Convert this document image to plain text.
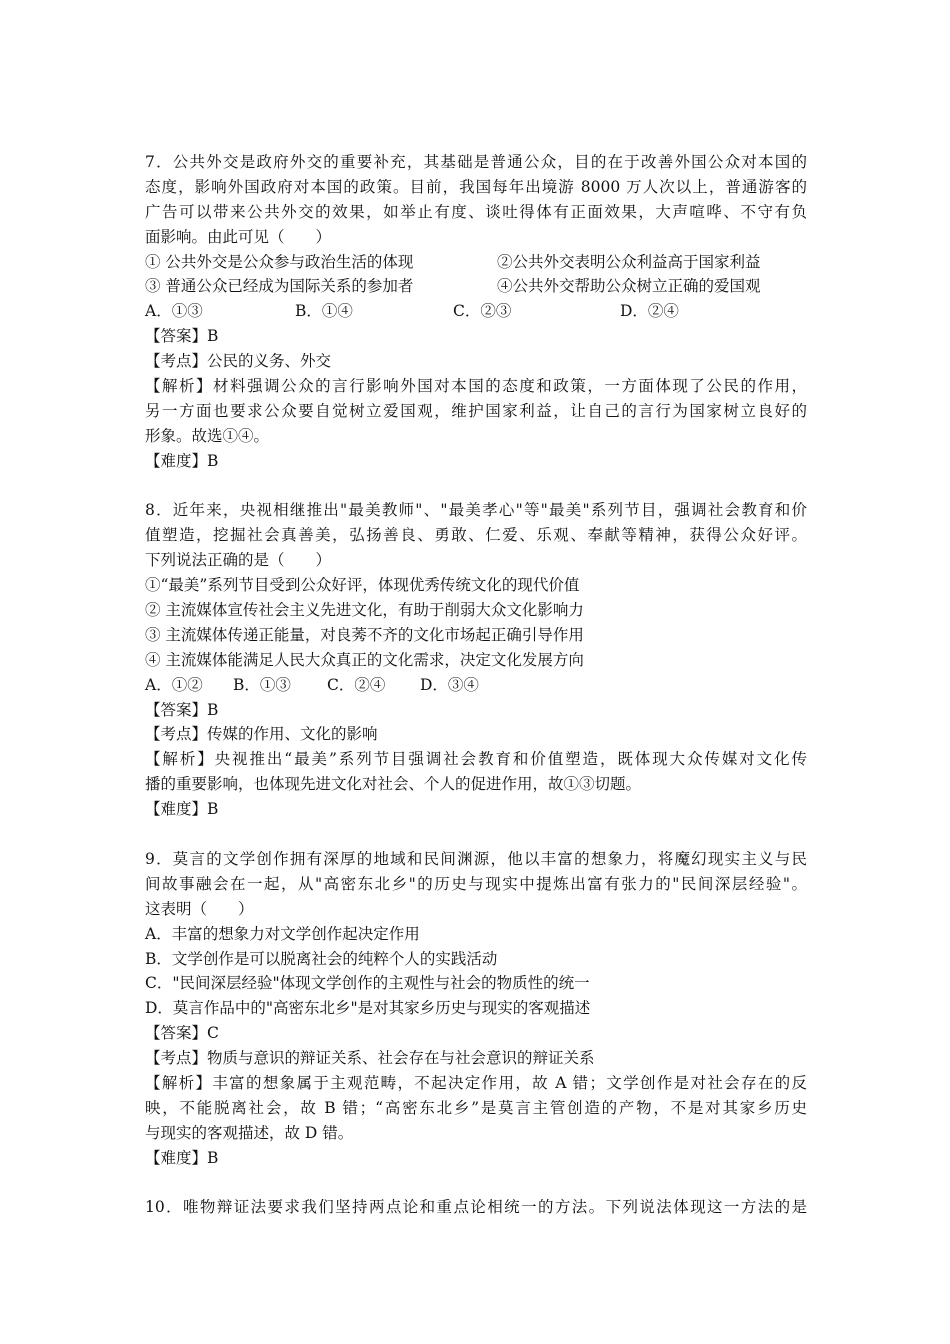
7．公共外交是政府外交的重要补充，其基础是普通公众，目的在于改善外国公众对本国的
态度，影响外国政府对本国的政策。目前，我国每年出境游 8000 万人次以上，普通游客的
广告可以带来公共外交的效果，如举止有度、谈吐得体有正面效果，大声喧哗、不守有负
面影响。由此可见（　　）
① 公共外交是公众参与政治生活的体现	②公共外交表明公众利益高于国家利益
③ 普通公众已经成为国际关系的参加者	④公共外交帮助公众树立正确的爱国观
A．①③	B．①④	C．②③	D．②④
【答案】B
【考点】公民的义务、外交
【解析】材料强调公众的言行影响外国对本国的态度和政策，一方面体现了公民的作用，
另一方面也要求公众要自觉树立爱国观，维护国家利益，让自己的言行为国家树立良好的
形象。故选①④。
【难度】B
8．近年来，央视相继推出"最美教师"、"最美孝心"等"最美"系列节目，强调社会教育和价
值塑造，挖掘社会真善美，弘扬善良、勇敢、仁爱、乐观、奉献等精神，获得公众好评。
下列说法正确的是（　　）
①“最美”系列节目受到公众好评，体现优秀传统文化的现代价值
② 主流媒体宣传社会主义先进文化，有助于削弱大众文化影响力
③ 主流媒体传递正能量，对良莠不齐的文化市场起正确引导作用
④ 主流媒体能满足人民大众真正的文化需求，决定文化发展方向
A．①② B．①③ C．②④ D．③④
【答案】B
【考点】传媒的作用、文化的影响
【解析】央视推出“最美”系列节目强调社会教育和价值塑造，既体现大众传媒对文化传
播的重要影响，也体现先进文化对社会、个人的促进作用，故①③切题。
【难度】B
9．莫言的文学创作拥有深厚的地域和民间渊源，他以丰富的想象力，将魔幻现实主义与民
间故事融会在一起，从"高密东北乡"的历史与现实中提炼出富有张力的"民间深层经验"。
这表明（　　）
A．丰富的想象力对文学创作起决定作用
B．文学创作是可以脱离社会的纯粹个人的实践活动
C．"民间深层经验"体现文学创作的主观性与社会的物质性的统一
D．莫言作品中的"高密东北乡"是对其家乡历史与现实的客观描述
【答案】C
【考点】物质与意识的辩证关系、社会存在与社会意识的辩证关系
【解析】丰富的想象属于主观范畴，不起决定作用，故 A 错；文学创作是对社会存在的反
映，不能脱离社会，故 B 错；“高密东北乡”是莫言主管创造的产物，不是对其家乡历史
与现实的客观描述，故 D 错。
【难度】B
10．唯物辩证法要求我们坚持两点论和重点论相统一的方法。下列说法体现这一方法的是
